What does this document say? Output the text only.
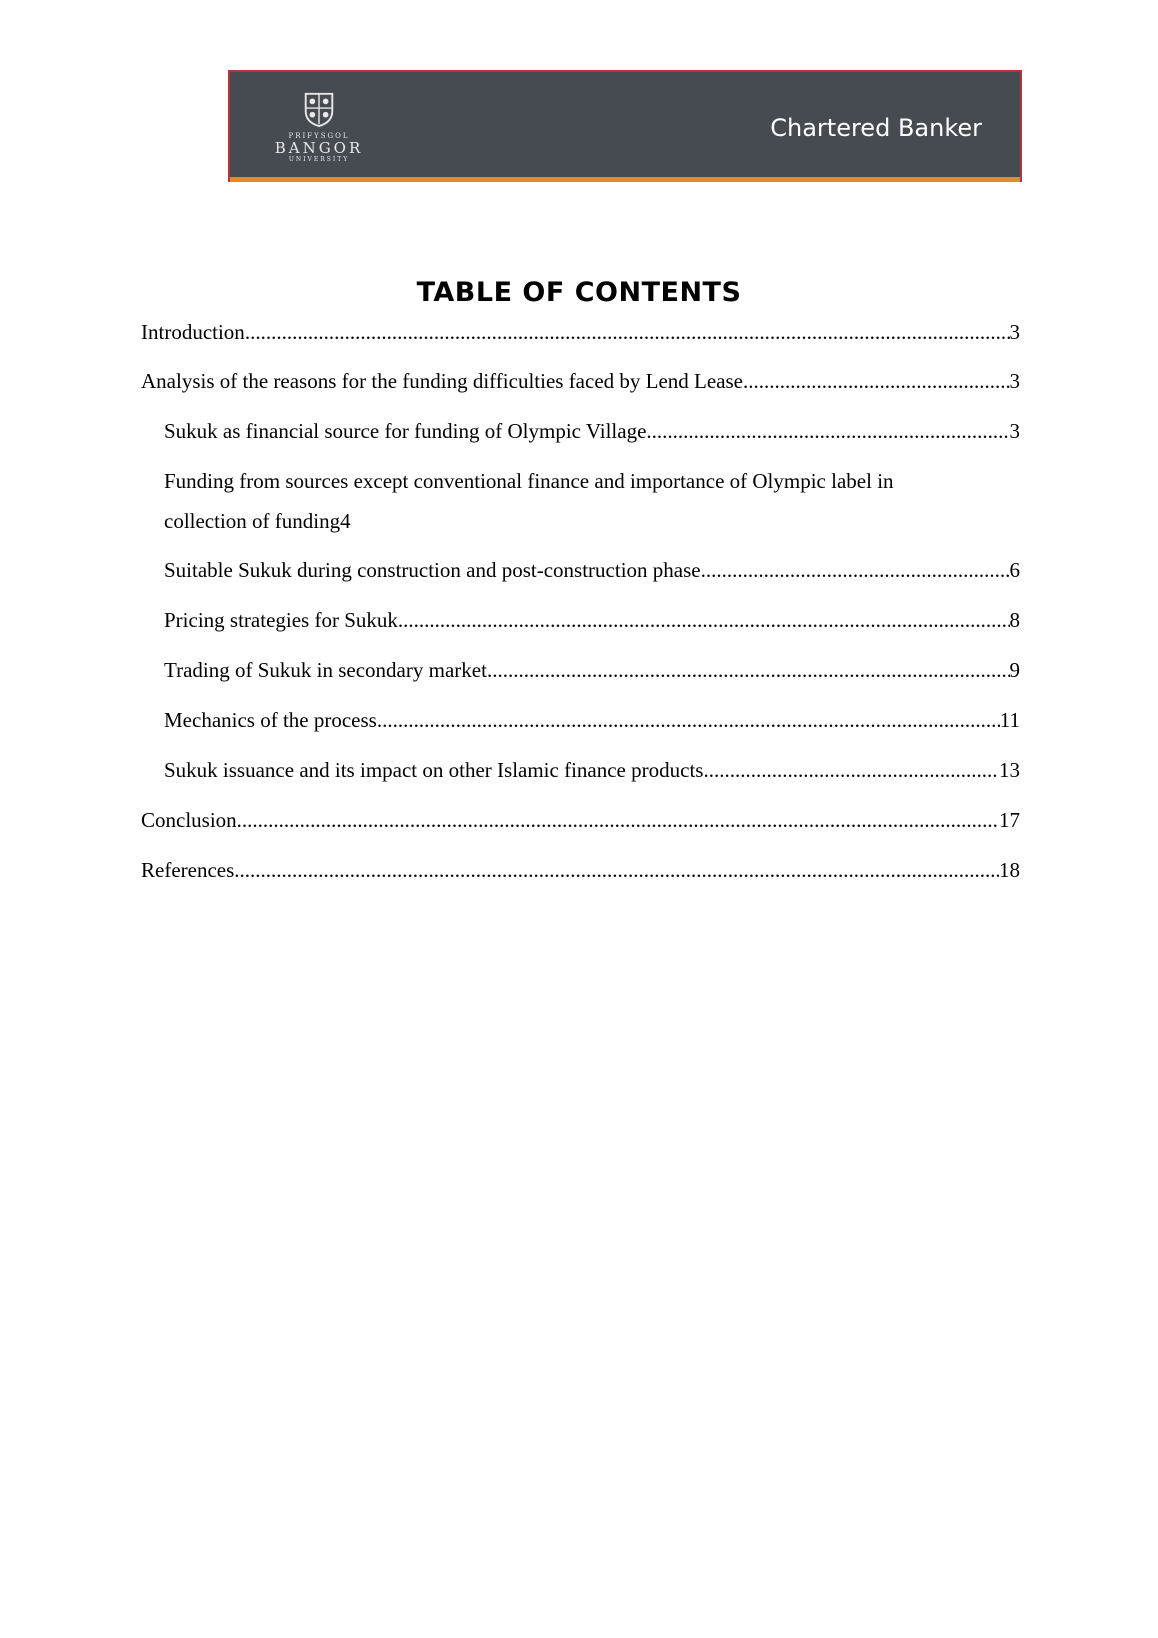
PRIFYSGOL
BANGOR
UNIVERSITY
Chartered Banker
TABLE OF CONTENTS
Introduction .....	3
Analysis of the reasons for the funding difficulties faced by Lend Lease .....	3
Sukuk as financial source for funding of Olympic Village .....	3
Funding from sources except conventional finance and importance of Olympic label in
collection of funding 4
Suitable Sukuk during construction and post-construction phase .....	6
Pricing strategies for Sukuk .....	8
Trading of Sukuk in secondary market .....	9
Mechanics of the process .....	11
Sukuk issuance and its impact on other Islamic finance products .....	13
Conclusion .....	17
References .....	18
